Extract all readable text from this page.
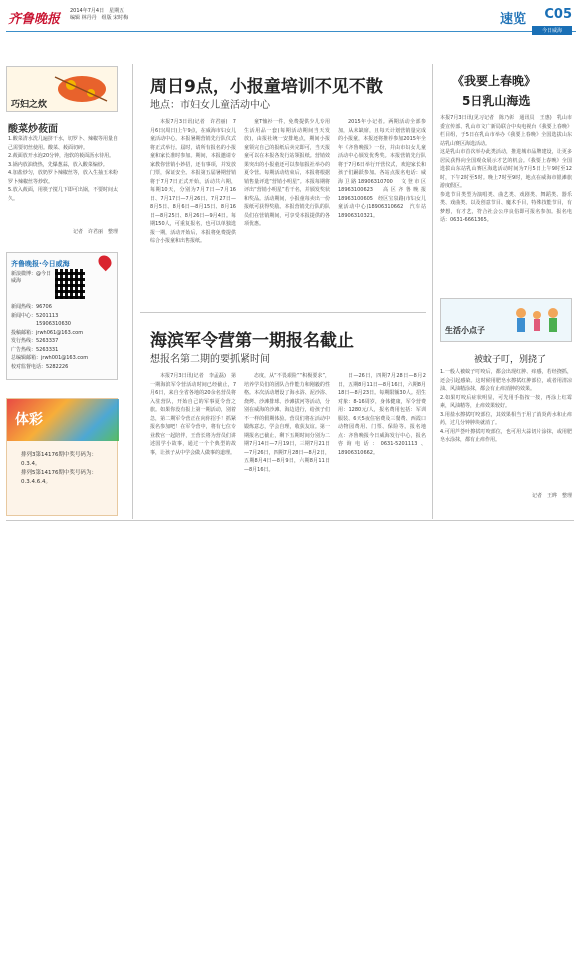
齐鲁晚报
2014年7月4日　星期五
编辑 林丹丹　组版 宋时梅	速览 C05
今日威海
巧妇之炊
酸菜炒莜面
1.酸菜清水洗几遍挤干水，切罗卜、辣椒等用量自己需要切丝使用。酸菜、莜面切碎。
2.莜面放开水泡20分钟，泡软的莜面沥水待用。
3.锅内放油烧热，先爆葱蒜，放入酸菜煸炒。
4.加盐炒匀，放奶罗卜辣椒丝等，放入生抽玉米粉罗卜辣椒丝等炒软。
5.放入莜面，用筷子搅几下即可出锅，不要时间太久。
记者　许君丽　整理
齐鲁晚报·今日威海
新浪微博：@今日威海
新闻热线：96706
新闻中心：5201113
　　　　　15906310630
投稿邮箱：jrwh061@163.com
发行热线：5263337
广告热线：5263331
总编辑邮箱：jrwh001@163.com
校对监督电话：5282226
体彩
排列3第14176期中奖号码为：0.3.4。
排列5第14176期中奖号码为：0.3.4.6.4。
周日9点，小报童培训不见不散
地点：市妇女儿童活动中心

本报7月3日讯(记者　许君丽)　7月6日(周日)上午9点，在威海市妇女儿童活动中心，本报暑期营销先行队仪式将正式举行。届时，请所有报名的小报童和家长准时参加。期间，本报邀请专家教你营销小妙招，还有事项，并发放门票，保证安全。本报第五届暑期营销将于7月7日正式开始，活动共六期，每期10天，分别为7月7日—7月16日、7月17日—7月26日、7月27日—8月5日、8月6日—8月15日、8月16日—8月25日、8月26日—9月4日。每期150人，可重复报名，也可以单独选报一期，活动开始后，本报将免费提供综合小报童和出售报纸。

童T恤衫一件，免费提供少儿专用生活用品一套(每期活动期间当天发放)，由报社统一安排地点，期间小报童领完自己的报纸后卖完即可，当天报童可以在本报各发行站领报纸。营销效果突出的小报童还可以参加报社举办的夏令营。每期活动结束后，本报将根据销售量评选“营销小明星”。本报每期将评出“营销小明星”若干名，并颁发奖状和奖品。活动期间，小报童每卖出一份报纸可获得奖励。本报营销先行队的队员们在营销期间，可享受本报提供的各项优惠。

2015年小记者。两期活动全部参加，从未缺席，且每天计划营销量完成的小报童，本报还将推荐参加2015年全年《齐鲁晚报》一份，并由市妇女儿童活动中心颁发优秀奖。本报营销先行队将于7月6日举行开营仪式，欢迎家长和孩子们踊跃参加。各站点报名电话：威海卫路18906310700　文登市区18963100623　高区齐鲁晚报18963100605　经区宝泉路(市妇女儿童活动中心)18906310662　汽车站18906310321。

《我要上春晚》
5日乳山海选
本报7月3日讯(见习记者　陈乃彰　通讯员　王惠)　乳山市委宣传部、乳山市文广新局联合中央电视台《我要上春晚》栏目组，于5日在乳山市举办《我要上春晚》全国选拔山东站乳山赛区海选活动。
这是乳山市首次举办此类活动，推进城市品牌建设，让更多居民获得向全国观众展示才艺的机会。《我要上春晚》全国选拔山东站乳山赛区海选活动时间为7月5日上午9时至12时，下午2时至5时。晚上7时至9时，地点在威海市银滩旅游度假区。
参选节目类型为演唱类、曲艺类、戏剧类、舞蹈类、器乐类、戏曲类、以及创意节目、魔术手目，特殊技能节目，有梦想，有才艺，符合社会公序良俗即可报名参加。报名电话：0631-6661365。
生活小点子
被蚊子叮，别挠了
1.一般人被蚊子叮咬后，都会出现红肿、痒感，若经挠抓，还会引起感染。这时候用肥皂水擦拭红肿部位，或者用清凉油、风油精涂抹，都会有止痒消肿的效果。
2.如果叮咬后症状明显，可先用手指按一按，再涂上红霉素，风油精等，止痒效果较好。
3.用盐水擦拭叮咬部位，其效果相当于用了消炎药水和止痒药，过几分钟肿块就消了。
4.可用芦荟叶擦拭叮咬部位，也可用大蒜切片涂抹，或用肥皂水涂抹，都有止痒作用。
记者　王晔　整理
海滨军令营第一期报名截止
想报名第二期的要抓紧时间

本报7月3日讯(记者　李孟磊)　第一期海滨军令营活动时间已经截止，7月6日，来自全省各地的20余名营员将入驻营队，开始自己的军事夏令营之旅。如果你没有报上第一期活动，别着急，第二期军令营正在向你招手！抓紧报名参加吧！在军令营中，将有七位专业教官一起陪伴，王营长将为营员们讲述国学小故事，通过一个个典型的故事，让孩子从中学会做人做事的道理。

态度，从“不畏艰险”“积极要求”，培养学员们的团队合作能力和刚毅的性格。本次活动增设了海水浴、泥沙浴、烧烤、沙滩排球、沙滩拔河等活动，分别在威海的沙滩、海边进行，给孩子们不一样的假期体验。营员们将在活动中锻炼意志，学会自理，收获友谊。第一期报名已截止，剩下五期时间分别为二期7月14日—7月19日，三期7月21日—7月26日，四期7月28日—8月2日，五期8月4日—8月9日，六期8月11日—8月16日。

日—26日，四期7月28日—8月2日，五期8月11日—8月16日，六期8月18日—8月23日。每期限额30人。招生对象：8-16周岁，身体健康，军令营费用：1280元/人，报名费用包括：军训服装、6天5夜住宿费及三餐费、西霞口动物园费用、门票、保险等。报名地点：齐鲁晚报今日威海发行中心，报名咨询电话：0631-5201113、18906310662。
